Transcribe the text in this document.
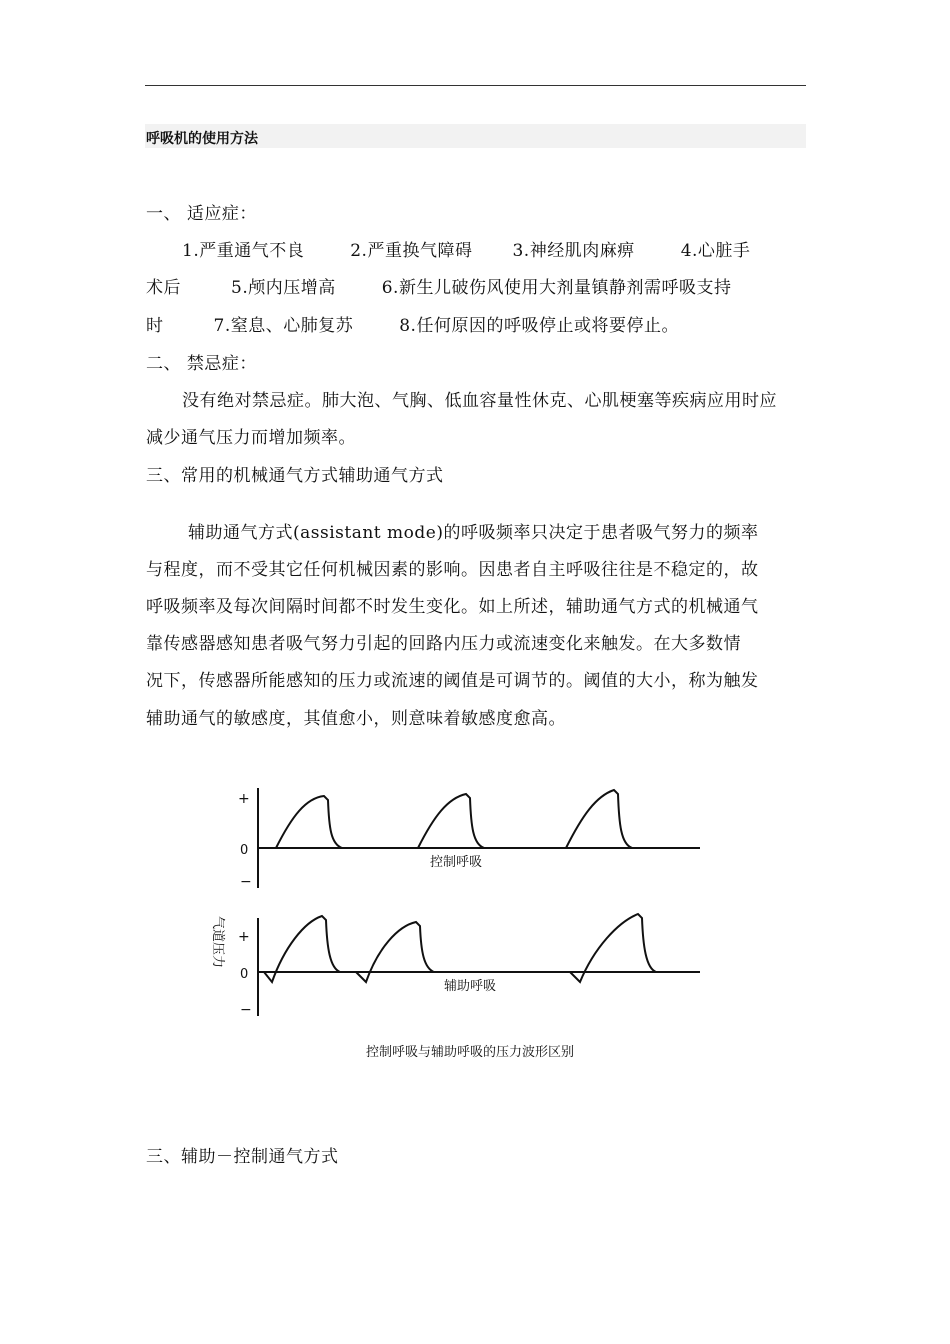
呼吸机的使用方法
一、 适应症：
1.严重通气不良	2.严重换气障碍 3.神经肌肉麻痹	4.心脏手
术后	5.颅内压增高	6.新生儿破伤风使用大剂量镇静剂需呼吸支持
时	7.窒息、心肺复苏	8.任何原因的呼吸停止或将要停止。
二、 禁忌症：
没有绝对禁忌症。肺大泡、气胸、低血容量性休克、心肌梗塞等疾病应用时应
减少通气压力而增加频率。
三、常用的机械通气方式辅助通气方式
辅助通气方式(assistant mode)的呼吸频率只决定于患者吸气努力的频率
与程度，而不受其它任何机械因素的影响。因患者自主呼吸往往是不稳定的，故
呼吸频率及每次间隔时间都不时发生变化。如上所述，辅助通气方式的机械通气
靠传感器感知患者吸气努力引起的回路内压力或流速变化来触发。在大多数情
况下，传感器所能感知的压力或流速的阈值是可调节的。阈值的大小，称为触发
辅助通气的敏感度，其值愈小，则意味着敏感度愈高。
+
0
−
控制呼吸
气道压力 +
0
−
辅助呼吸
控制呼吸与辅助呼吸的压力波形区别
三、辅助－控制通气方式
